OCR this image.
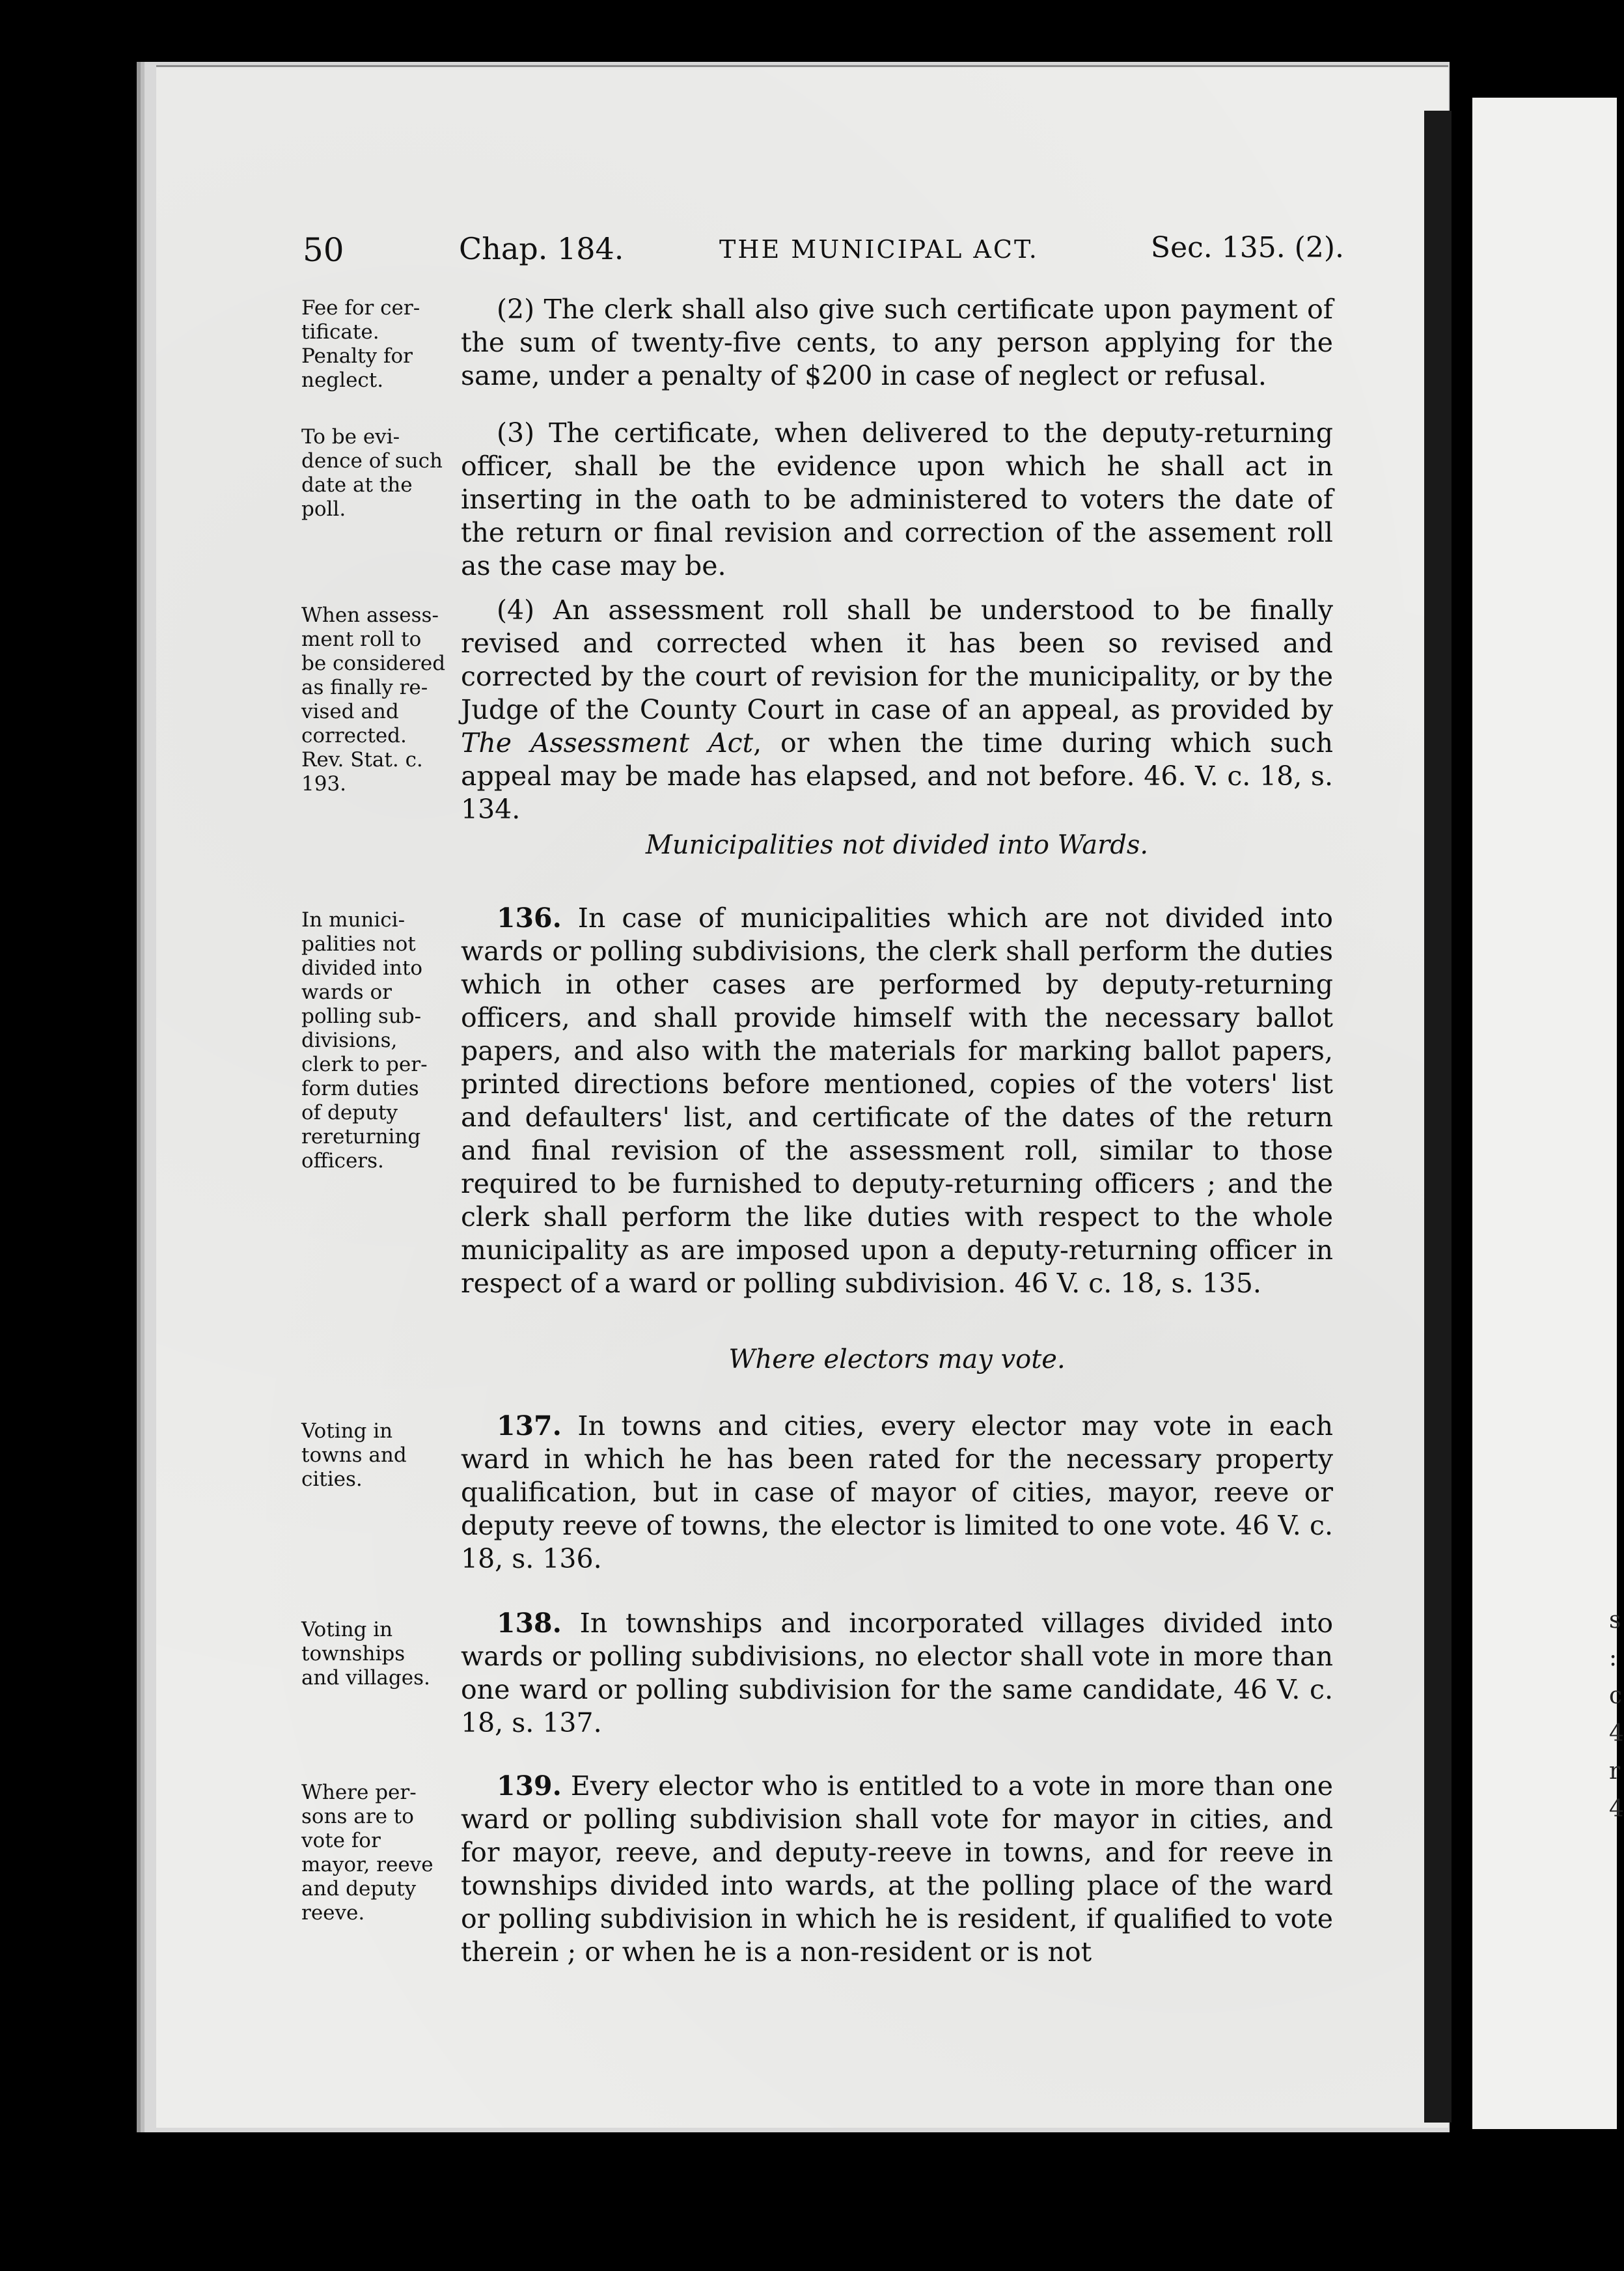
s
:
c
4
r
4
50	Chap. 184.	THE MUNICIPAL ACT.	Sec. 135. (2).
Fee for cer-
tificate.
Penalty for
neglect.
To be evi-
dence of such
date at the
poll.
When assess-
ment roll to
be considered
as finally re-
vised and
corrected.
Rev. Stat. c.
193.
In munici-
palities not
divided into
wards or
polling sub-
divisions,
clerk to per-
form duties
of deputy
rereturning
officers.
Voting in
towns and
cities.
Voting in
townships
and villages.
Where per-
sons are to
vote for
mayor, reeve
and deputy
reeve.

(2) The clerk shall also give such certificate upon payment of the sum of twenty-five cents, to any person applying for the same, under a penalty of $200 in case of neglect or refusal.

(3) The certificate, when delivered to the deputy-returning officer, shall be the evidence upon which he shall act in inserting in the oath to be administered to voters the date of the return or final revision and correction of the assement roll as the case may be.

(4) An assessment roll shall be understood to be finally revised and corrected when it has been so revised and corrected by the court of revision for the municipality, or by the Judge of the County Court in case of an appeal, as provided by The Assessment Act, or when the time during which such appeal may be made has elapsed, and not before. 46. V. c. 18, s. 134.

Municipalities not divided into Wards.

136. In case of municipalities which are not divided into wards or polling subdivisions, the clerk shall perform the duties which in other cases are performed by deputy-returning officers, and shall provide himself with the necessary ballot papers, and also with the materials for marking ballot papers, printed directions before mentioned, copies of the voters' list and defaulters' list, and certificate of the dates of the return and final revision of the assessment roll, similar to those required to be furnished to deputy-returning officers ; and the clerk shall perform the like duties with respect to the whole municipality as are imposed upon a deputy-returning officer in respect of a ward or polling subdivision. 46 V. c. 18, s. 135.

Where electors may vote.

137. In towns and cities, every elector may vote in each ward in which he has been rated for the necessary property qualification, but in case of mayor of cities, mayor, reeve or deputy reeve of towns, the elector is limited to one vote. 46 V. c. 18, s. 136.

138. In townships and incorporated villages divided into wards or polling subdivisions, no elector shall vote in more than one ward or polling subdivision for the same candidate, 46 V. c. 18, s. 137.

139. Every elector who is entitled to a vote in more than one ward or polling subdivision shall vote for mayor in cities, and for mayor, reeve, and deputy-reeve in towns, and for reeve in townships divided into wards, at the polling place of the ward or polling subdivision in which he is resident, if qualified to vote therein ; or when he is a non-resident or is not
